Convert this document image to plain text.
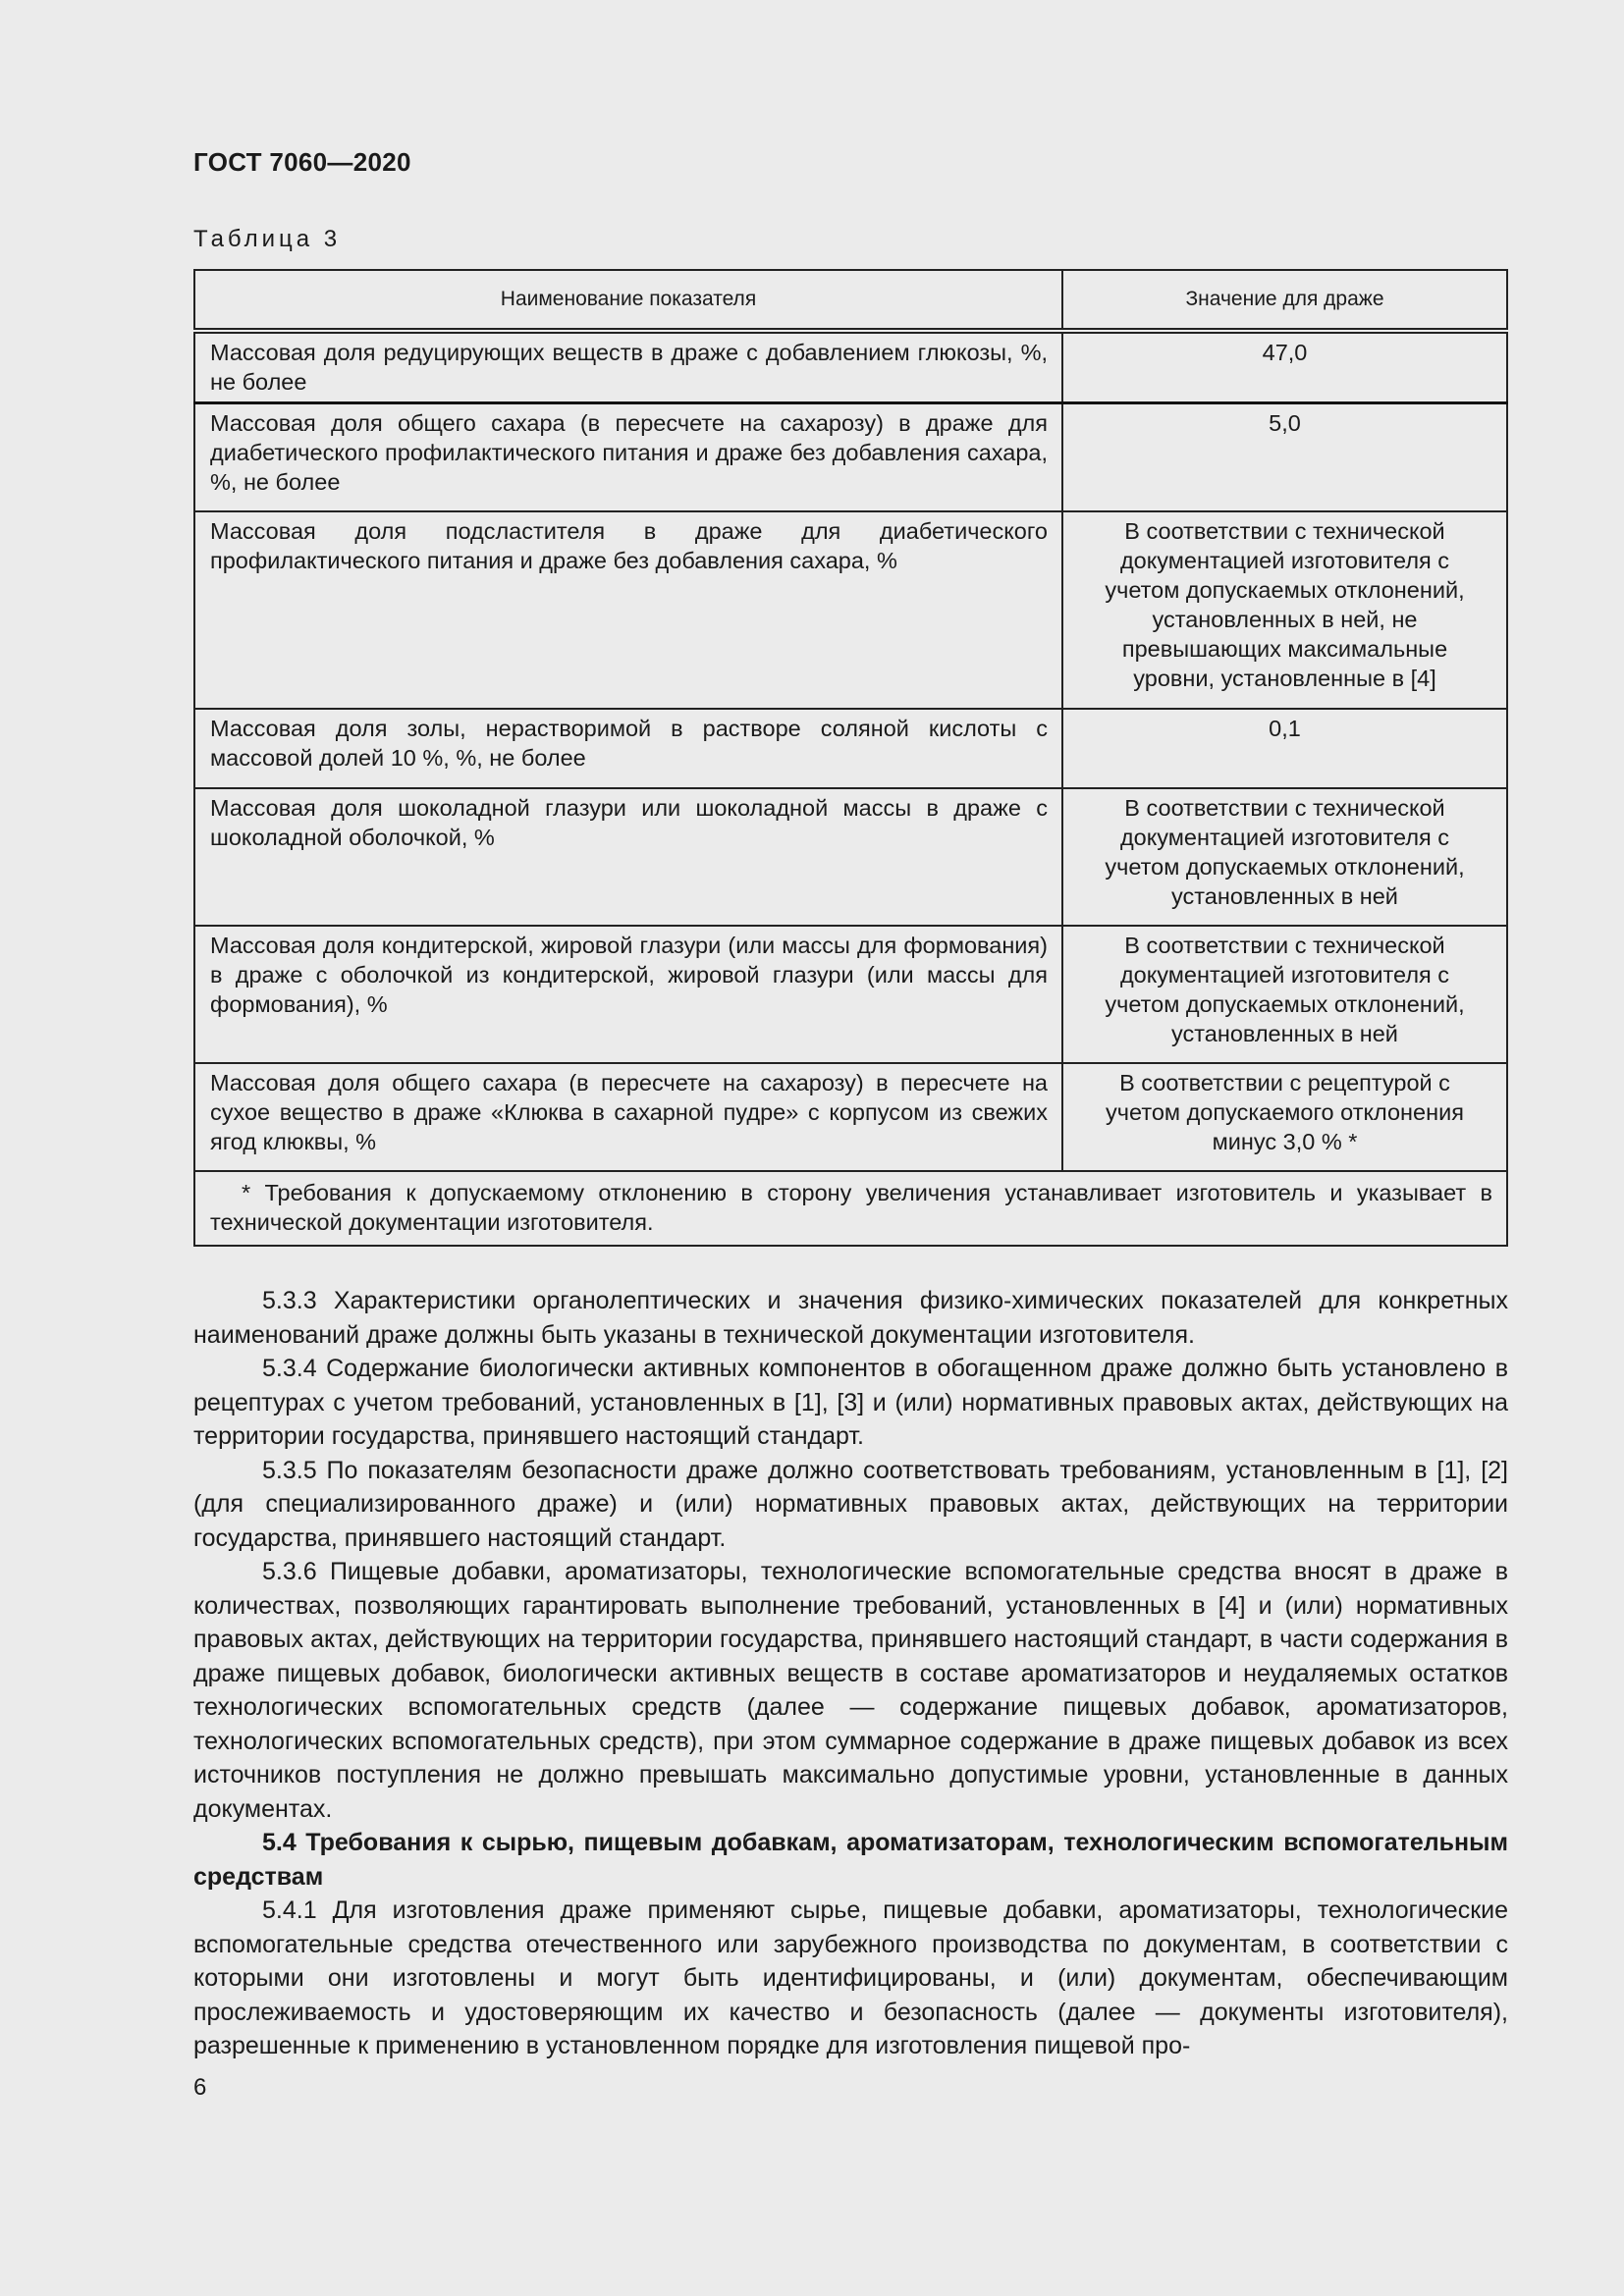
ГОСТ 7060—2020
Таблица 3
Наименование показателя	Значение для драже
Массовая доля редуцирующих веществ в драже с добавлением глюкозы, %, не более	47,0
Массовая доля общего сахара (в пересчете на сахарозу) в драже для диабетического профилактического питания и драже без добавления сахара, %, не более	5,0
Массовая доля подсластителя в драже для диабетического профилактического питания и драже без добавления сахара, %	В соответствии с технической документацией изготовителя с учетом допускаемых отклонений, установленных в ней, не превышающих максимальные уровни, установленные в [4]
Массовая доля золы, нерастворимой в растворе соляной кислоты с массовой долей 10 %, %, не более	0,1
Массовая доля шоколадной глазури или шоколадной массы в драже с шоколадной оболочкой, %	В соответствии с технической документацией изготовителя с учетом допускаемых отклонений, установленных в ней
Массовая доля кондитерской, жировой глазури (или массы для формования) в драже с оболочкой из кондитерской, жировой глазури (или массы для формования), %	В соответствии с технической документацией изготовителя с учетом допускаемых отклонений, установленных в ней
Массовая доля общего сахара (в пересчете на сахарозу) в пересчете на сухое вещество в драже «Клюква в сахарной пудре» с корпусом из свежих ягод клюквы, %	В соответствии с рецептурой с учетом допускаемого отклонения минус 3,0 % *
* Требования к допускаемому отклонению в сторону увеличения устанавливает изготовитель и указывает в технической документации изготовителя.	

5.3.3 Характеристики органолептических и значения физико-химических показателей для конкретных наименований драже должны быть указаны в технической документации изготовителя.

5.3.4 Содержание биологически активных компонентов в обогащенном драже должно быть установлено в рецептурах с учетом требований, установленных в [1], [3] и (или) нормативных правовых актах, действующих на территории государства, принявшего настоящий стандарт.

5.3.5 По показателям безопасности драже должно соответствовать требованиям, установленным в [1], [2] (для специализированного драже) и (или) нормативных правовых актах, действующих на территории государства, принявшего настоящий стандарт.

5.3.6 Пищевые добавки, ароматизаторы, технологические вспомогательные средства вносят в драже в количествах, позволяющих гарантировать выполнение требований, установленных в [4] и (или) нормативных правовых актах, действующих на территории государства, принявшего настоящий стандарт, в части содержания в драже пищевых добавок, биологически активных веществ в составе ароматизаторов и неудаляемых остатков технологических вспомогательных средств (далее — содержание пищевых добавок, ароматизаторов, технологических вспомогательных средств), при этом суммарное содержание в драже пищевых добавок из всех источников поступления не должно превышать максимально допустимые уровни, установленные в данных документах.

5.4 Требования к сырью, пищевым добавкам, ароматизаторам, технологическим вспомогательным средствам

5.4.1 Для изготовления драже применяют сырье, пищевые добавки, ароматизаторы, технологические вспомогательные средства отечественного или зарубежного производства по документам, в соответствии с которыми они изготовлены и могут быть идентифицированы, и (или) документам, обеспечивающим прослеживаемость и удостоверяющим их качество и безопасность (далее — документы изготовителя), разрешенные к применению в установленном порядке для изготовления пищевой про-

6
